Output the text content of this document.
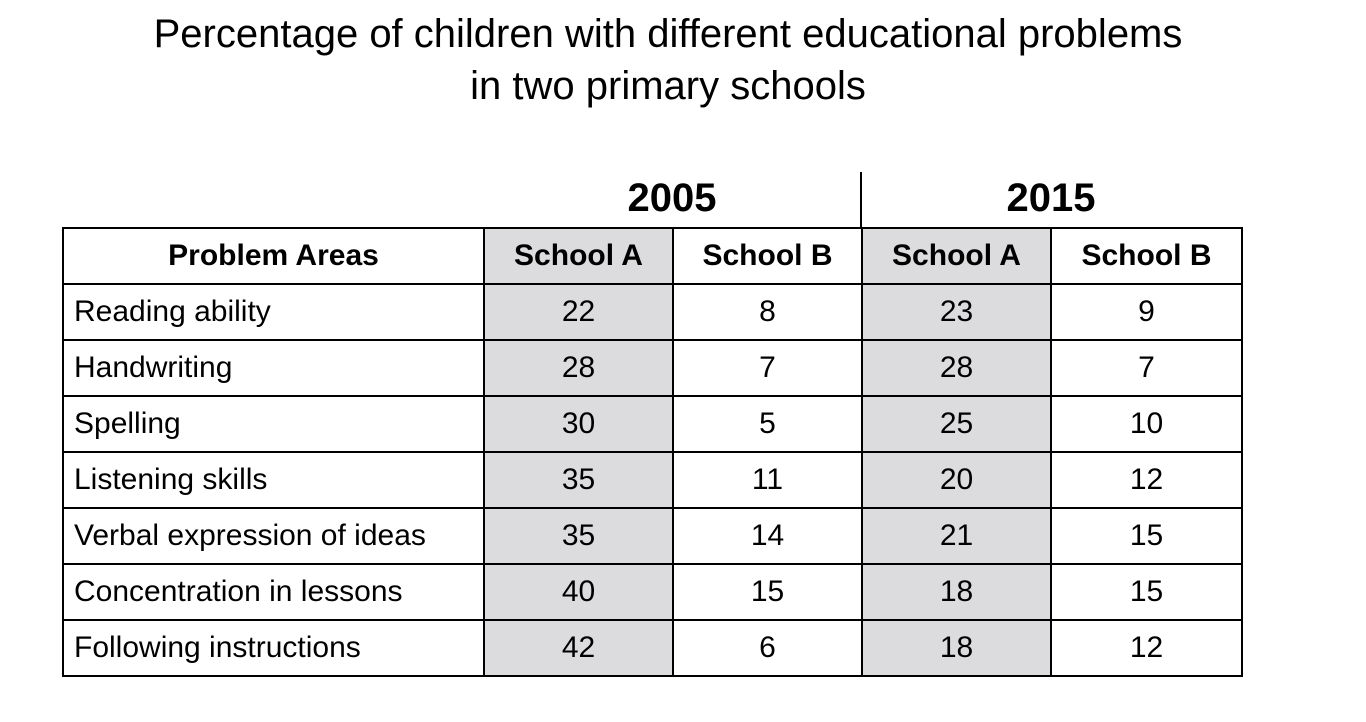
Percentage of children with different educational problems
in two primary schools
2005	2015
Problem Areas	School A	School B	School A	School B
Reading ability	22	8	23	9
Handwriting	28	7	28	7
Spelling	30	5	25	10
Listening skills	35	11	20	12
Verbal expression of ideas	35	14	21	15
Concentration in lessons	40	15	18	15
Following instructions	42	6	18	12
